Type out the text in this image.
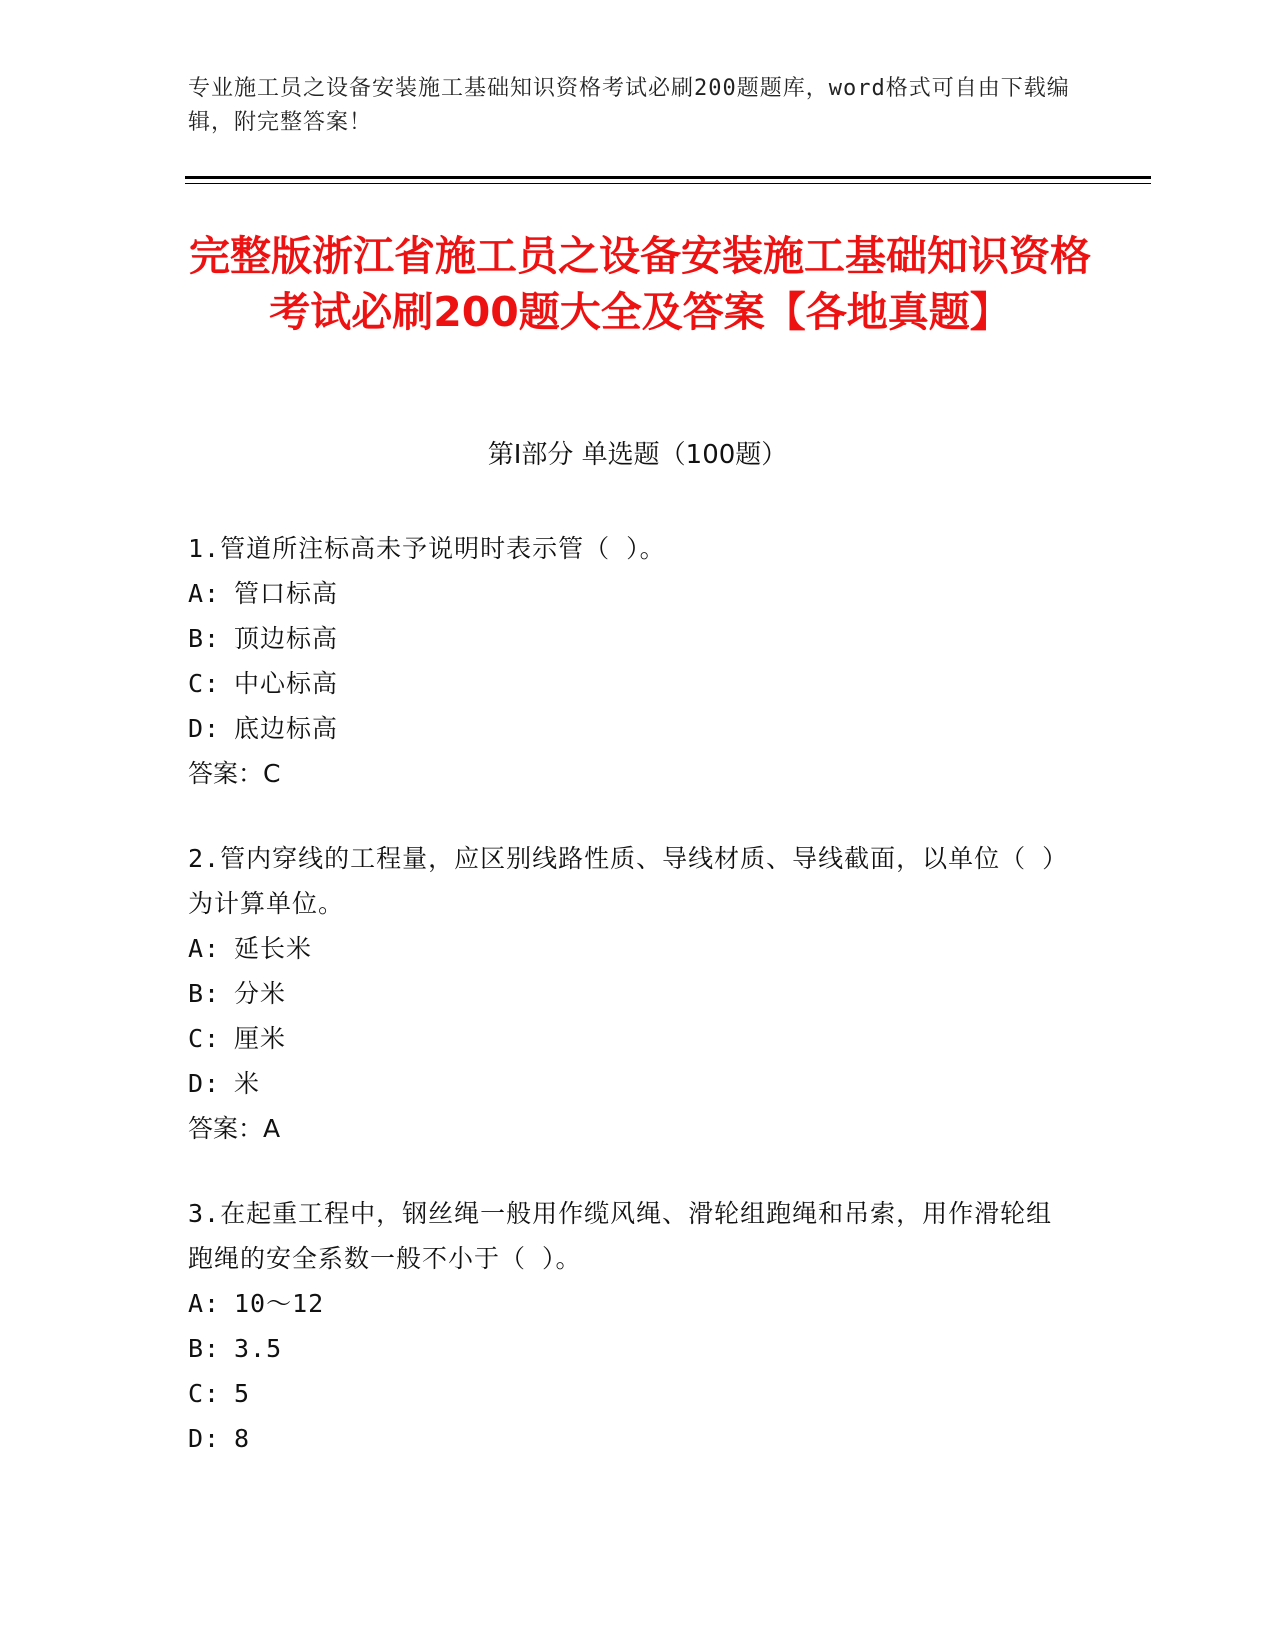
专业施工员之设备安装施工基础知识资格考试必刷200题题库，word格式可自由下载编辑，附完整答案！
完整版浙江省施工员之设备安装施工基础知识资格考试必刷200题大全及答案【各地真题】
第I部分 单选题（100题）

1.管道所注标高未予说明时表示管（ ）。

A: 管口标高

B: 顶边标高

C: 中心标高

D: 底边标高

答案：C

2.管内穿线的工程量，应区别线路性质、导线材质、导线截面，以单位（ ）为计算单位。

A: 延长米

B: 分米

C: 厘米

D: 米

答案：A

3.在起重工程中，钢丝绳一般用作缆风绳、滑轮组跑绳和吊索，用作滑轮组跑绳的安全系数一般不小于（ ）。

A: 10～12

B: 3.5

C: 5

D: 8
